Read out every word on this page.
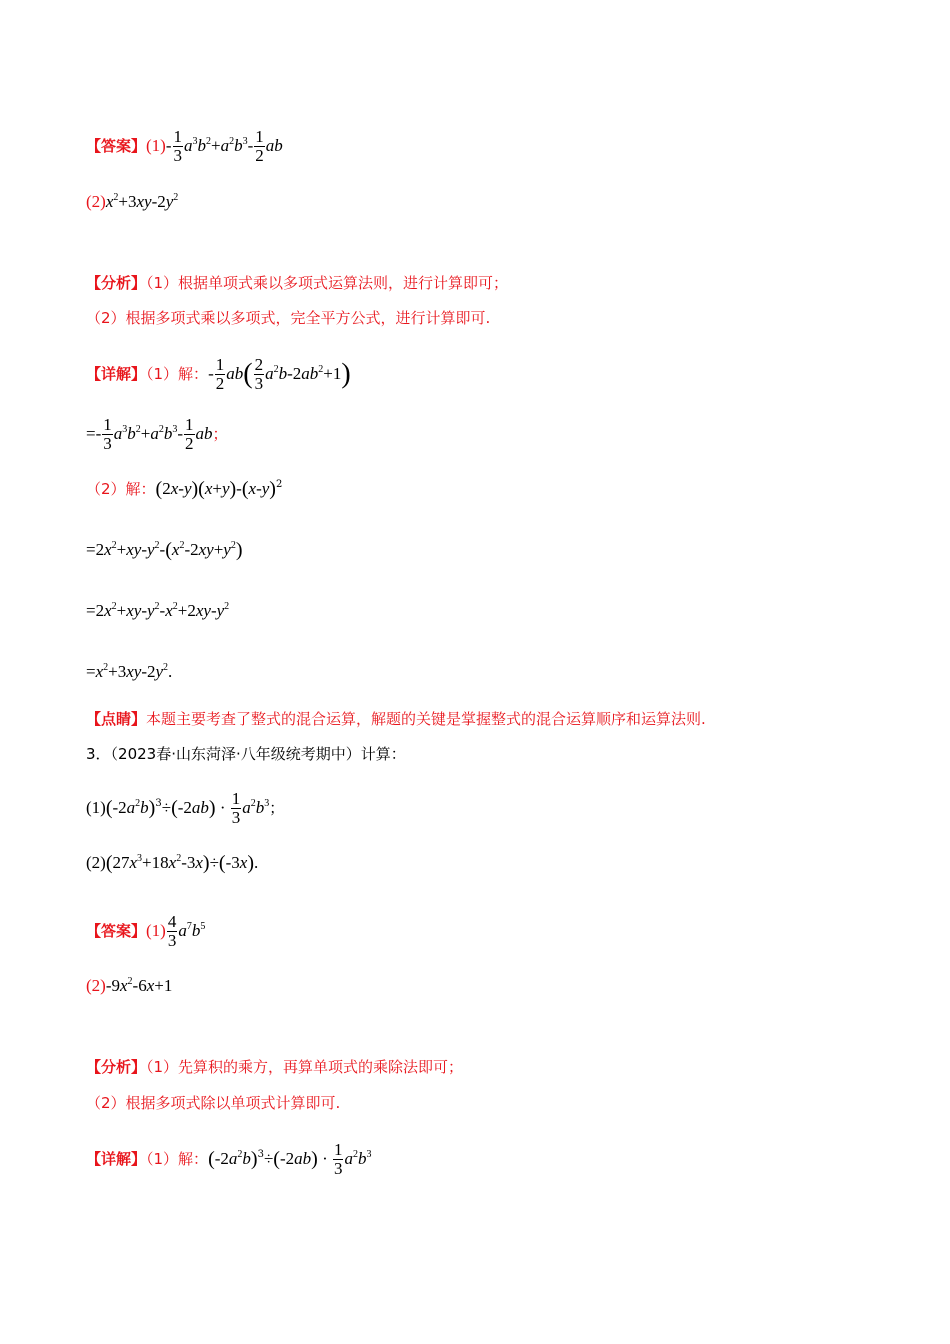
【答案】$(1)- \frac{1}{3} a^3b^2+a^2b^3- \frac{1}{2}$ ab
$(2)x^2+3xy-2y^2$
【分析】（1）根据单项式乘以多项式运算法则，进行计算即可；
（2）根据多项式乘以多项式，完全平方公式，进行计算即可.
【详解】（1）解：- $\frac{1}{2} ab( \frac{2}{3} a^2b-2ab^2+1)$
=- $\frac{1}{3} a^3b^2+a^2b^3- \frac{1}{2}$ ab；
（2）解：$(2x-y)(x+y)-(x-y)^2$
$=2x^2+xy-y^2-(x^2-2xy+y^2)$
$=2x^2+xy-y^2-x^2+2xy-y^2$
$=x^2+3xy-2y^2$.
【点睛】本题主要考查了整式的混合运算，解题的关键是掌握整式的混合运算顺序和运算法则.
3．（2023春·山东菏泽·八年级统考期中）计算：
$(1)(-2a^2b)^3\div(-2ab) \cdot \frac{1}{3} a^2b^3$；
$(2)(27x^3+18x^2-3x)\div(-3x)$.
【答案】$(1) \frac{4}{3} a^7b^5$
$(2)-9x^2-6x+1$
【分析】（1）先算积的乘方，再算单项式的乘除法即可；
（2）根据多项式除以单项式计算即可.
【详解】（1）解：$(-2a^2b)^3\div(-2ab) \cdot \frac{1}{3} a^2b^3$
